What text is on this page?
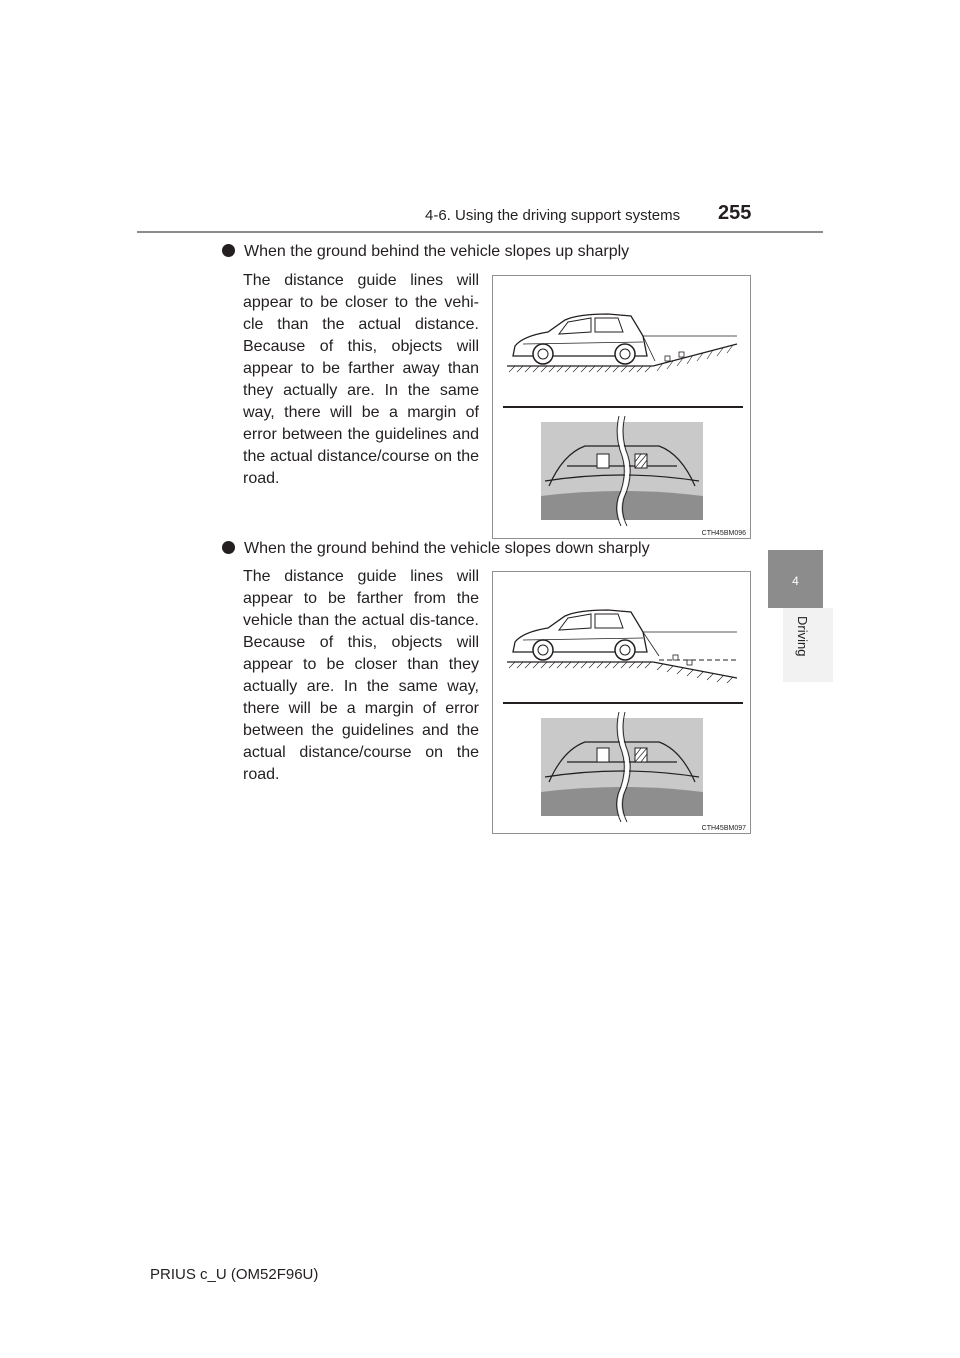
4-6. Using the driving support systems 255
4
Driving
When the ground behind the vehicle slopes up sharply
The distance guide lines will appear to be closer to the vehi-cle than the actual distance. Because of this, objects will appear to be farther away than they actually are. In the same way, there will be a margin of error between the guidelines and the actual distance/course on the road.
CTH45BM096
When the ground behind the vehicle slopes down sharply
The distance guide lines will appear to be farther from the vehicle than the actual dis-tance. Because of this, objects will appear to be closer than they actually are. In the same way, there will be a margin of error between the guidelines and the actual distance/course on the road.
CTH45BM097
PRIUS c_U (OM52F96U)
